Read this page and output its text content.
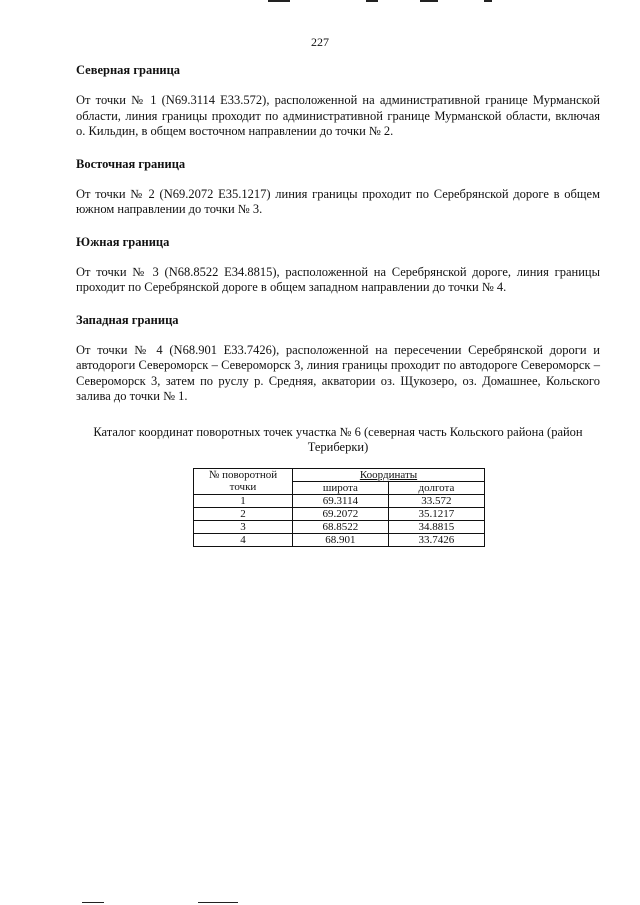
227
Северная граница
От точки № 1 (N69.3114 E33.572), расположенной на административной границе Мурманской области, линия границы проходит по административной границе Мурманской области, включая о. Кильдин, в общем восточном направлении до точки № 2.
Восточная граница
От точки № 2 (N69.2072 E35.1217) линия границы проходит по Серебрянской дороге в общем южном направлении до точки № 3.
Южная граница
От точки № 3 (N68.8522 E34.8815), расположенной на Серебрянской дороге, линия границы проходит по Серебрянской дороге в общем западном направлении до точки № 4.
Западная граница
От точки № 4 (N68.901 E33.7426), расположенной на пересечении Серебрянской дороги и автодороги Североморск – Североморск 3, линия границы проходит по автодороге Североморск – Североморск 3, затем по руслу р. Средняя, акватории оз. Щукозеро, оз. Домашнее, Кольского залива до точки № 1.
Каталог координат поворотных точек участка № 6 (северная часть Кольского района (район
Териберки)
№ поворотной точки	Координаты	
	широта	долгота
1	69.3114	33.572
2	69.2072	35.1217
3	68.8522	34.8815
4	68.901	33.7426
